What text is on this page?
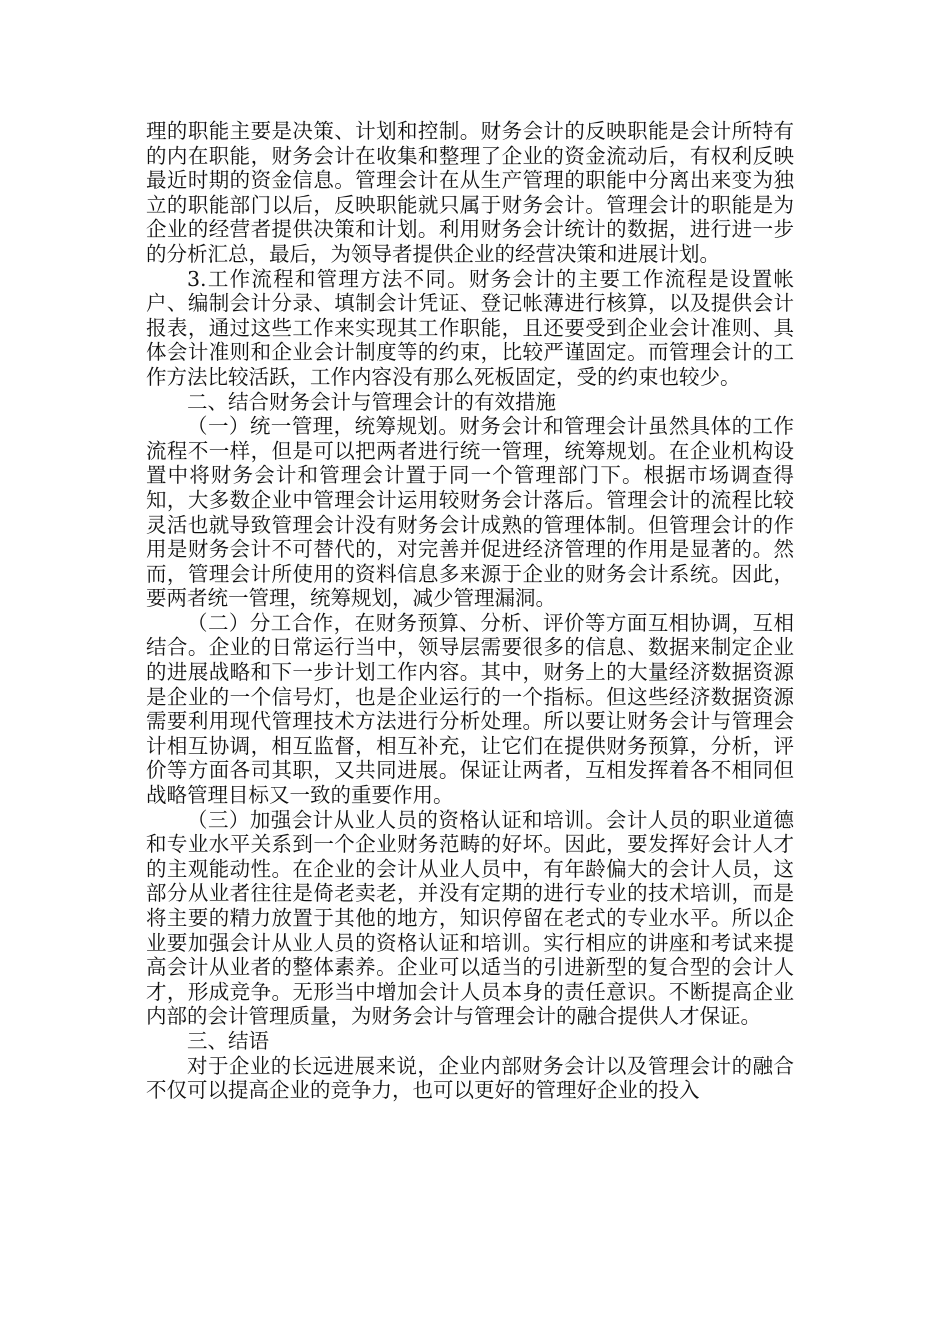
理的职能主要是决策、计划和控制。财务会计的反映职能是会计所特有的内在职能，财务会计在收集和整理了企业的资金流动后，有权利反映最近时期的资金信息。管理会计在从生产管理的职能中分离出来变为独立的职能部门以后，反映职能就只属于财务会计。管理会计的职能是为企业的经营者提供决策和计划。利用财务会计统计的数据，进行进一步的分析汇总，最后，为领导者提供企业的经营决策和进展计划。

3.工作流程和管理方法不同。财务会计的主要工作流程是设置帐户、编制会计分录、填制会计凭证、登记帐薄进行核算，以及提供会计报表，通过这些工作来实现其工作职能，且还要受到企业会计准则、具体会计准则和企业会计制度等的约束，比较严谨固定。而管理会计的工作方法比较活跃，工作内容没有那么死板固定，受的约束也较少。

二、结合财务会计与管理会计的有效措施

（一）统一管理，统筹规划。财务会计和管理会计虽然具体的工作流程不一样，但是可以把两者进行统一管理，统筹规划。在企业机构设置中将财务会计和管理会计置于同一个管理部门下。根据市场调查得知，大多数企业中管理会计运用较财务会计落后。管理会计的流程比较灵活也就导致管理会计没有财务会计成熟的管理体制。但管理会计的作用是财务会计不可替代的，对完善并促进经济管理的作用是显著的。然而，管理会计所使用的资料信息多来源于企业的财务会计系统。因此，要两者统一管理，统筹规划，减少管理漏洞。

（二）分工合作，在财务预算、分析、评价等方面互相协调，互相结合。企业的日常运行当中，领导层需要很多的信息、数据来制定企业的进展战略和下一步计划工作内容。其中，财务上的大量经济数据资源是企业的一个信号灯，也是企业运行的一个指标。但这些经济数据资源需要利用现代管理技术方法进行分析处理。所以要让财务会计与管理会计相互协调，相互监督，相互补充，让它们在提供财务预算，分析，评价等方面各司其职，又共同进展。保证让两者，互相发挥着各不相同但战略管理目标又一致的重要作用。

（三）加强会计从业人员的资格认证和培训。会计人员的职业道德和专业水平关系到一个企业财务范畴的好坏。因此，要发挥好会计人才的主观能动性。在企业的会计从业人员中，有年龄偏大的会计人员，这部分从业者往往是倚老卖老，并没有定期的进行专业的技术培训，而是将主要的精力放置于其他的地方，知识停留在老式的专业水平。所以企业要加强会计从业人员的资格认证和培训。实行相应的讲座和考试来提高会计从业者的整体素养。企业可以适当的引进新型的复合型的会计人才，形成竞争。无形当中增加会计人员本身的责任意识。不断提高企业内部的会计管理质量，为财务会计与管理会计的融合提供人才保证。

三、结语

对于企业的长远进展来说，企业内部财务会计以及管理会计的融合不仅可以提高企业的竞争力，也可以更好的管理好企业的投入
